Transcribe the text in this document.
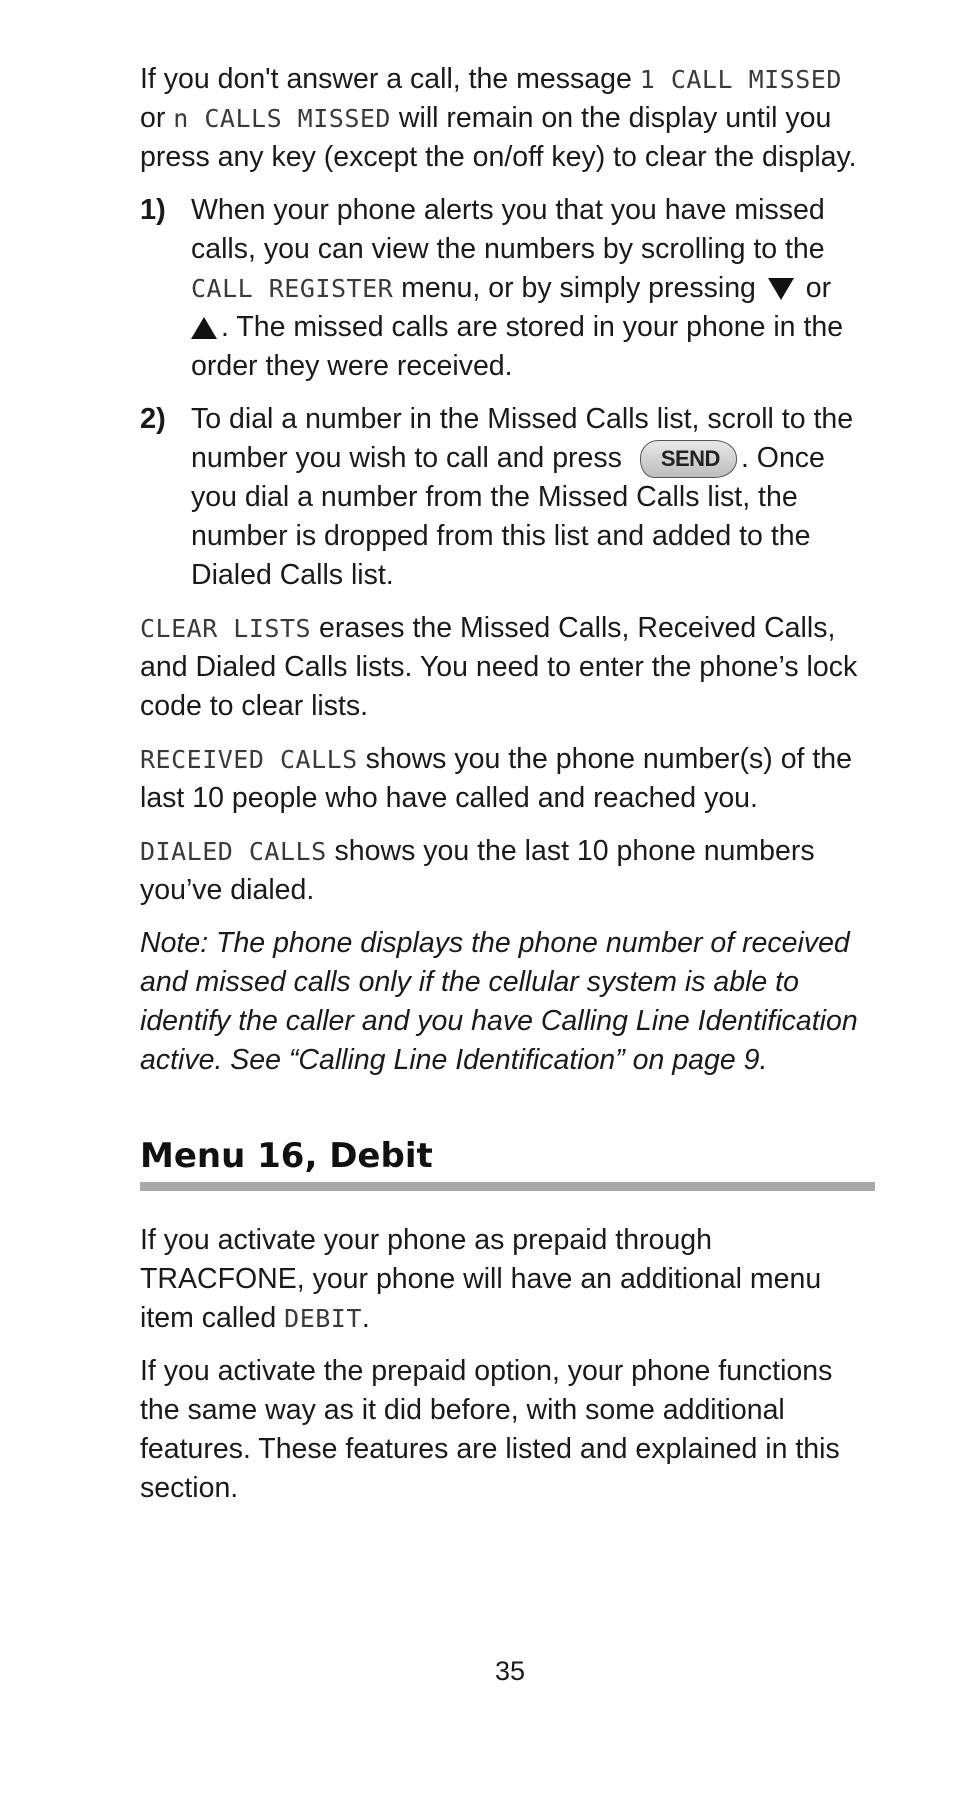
If you don't answer a call, the message 1 CALL MISSED or n CALLS MISSED will remain on the display until you press any key (except the on/off key) to clear the display.

1) When your phone alerts you that you have missed calls, you can view the numbers by scrolling to the CALL REGISTER menu, or by simply pressing  or
. The missed calls are stored in your phone in the order they were received.
2) To dial a number in the Missed Calls list, scroll to the number you wish to call and press SEND . Once you dial a number from the Missed Calls list, the number is dropped from this list and added to the Dialed Calls list.

CLEAR LISTS erases the Missed Calls, Received Calls, and Dialed Calls lists. You need to enter the phone’s lock code to clear lists.

RECEIVED CALLS shows you the phone number(s) of the last 10 people who have called and reached you.

DIALED CALLS shows you the last 10 phone numbers you’ve dialed.

Note: The phone displays the phone number of received and missed calls only if the cellular system is able to identify the caller and you have Calling Line Identification active. See “Calling Line Identification” on page 9.

Menu 16, Debit

If you activate your phone as prepaid through TRACFONE, your phone will have an additional menu item called DEBIT.

If you activate the prepaid option, your phone functions the same way as it did before, with some additional features. These features are listed and explained in this section.

35
